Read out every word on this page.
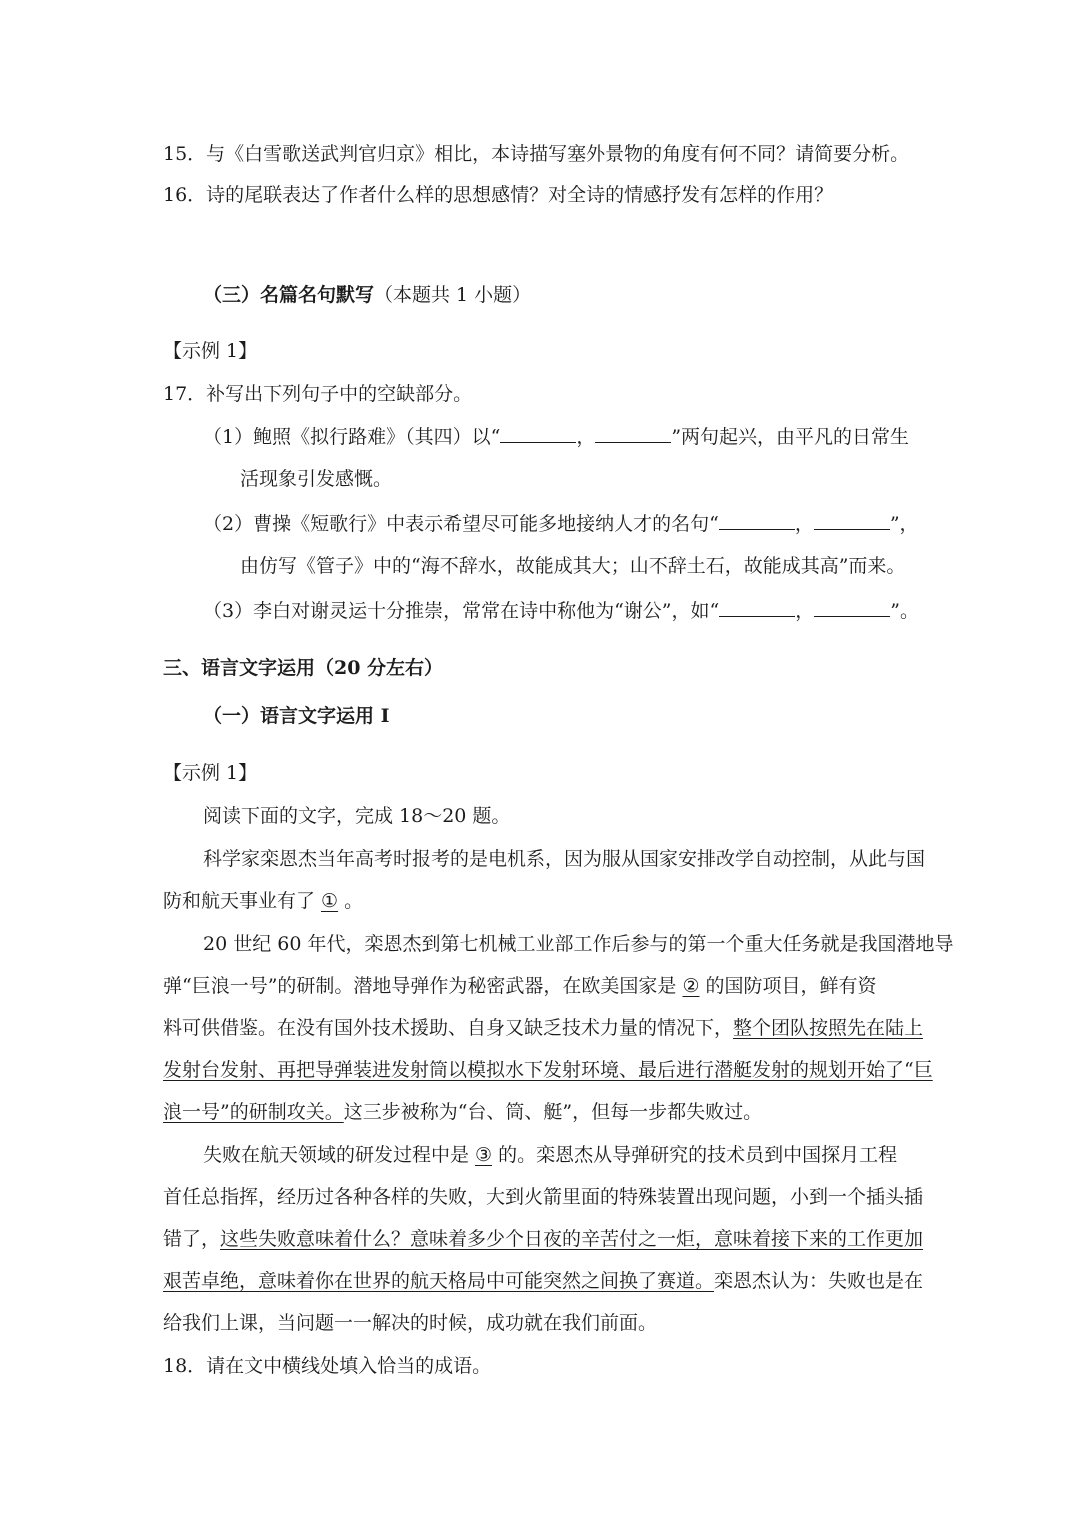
15．与《白雪歌送武判官归京》相比，本诗描写塞外景物的角度有何不同？请简要分析。
16．诗的尾联表达了作者什么样的思想感情？对全诗的情感抒发有怎样的作用？
（三）名篇名句默写（本题共 1 小题）
【示例 1】
17．补写出下列句子中的空缺部分。
（1）鲍照《拟行路难》（其四）以“	，	”两句起兴，由平凡的日常生
活现象引发感慨。
（2）曹操《短歌行》中表示希望尽可能多地接纳人才的名句“	，	”，
由仿写《管子》中的“海不辞水，故能成其大；山不辞土石，故能成其高”而来。
（3）李白对谢灵运十分推崇，常常在诗中称他为“谢公”，如“	，	”。
三、语言文字运用（20 分左右）
（一）语言文字运用 I
【示例 1】
阅读下面的文字，完成 18～20 题。
科学家栾恩杰当年高考时报考的是电机系，因为服从国家安排改学自动控制，从此与国
防和航天事业有了 ① 。
20 世纪 60 年代，栾恩杰到第七机械工业部工作后参与的第一个重大任务就是我国潜地导
弹“巨浪一号”的研制。潜地导弹作为秘密武器，在欧美国家是 ② 的国防项目，鲜有资
料可供借鉴。在没有国外技术援助、自身又缺乏技术力量的情况下，整个团队按照先在陆上
发射台发射、再把导弹装进发射筒以模拟水下发射环境、最后进行潜艇发射的规划开始了“巨
浪一号”的研制攻关。这三步被称为“台、筒、艇”，但每一步都失败过。
失败在航天领域的研发过程中是 ③ 的。栾恩杰从导弹研究的技术员到中国探月工程
首任总指挥，经历过各种各样的失败，大到火箭里面的特殊装置出现问题，小到一个插头插
错了，这些失败意味着什么？意味着多少个日夜的辛苦付之一炬，意味着接下来的工作更加
艰苦卓绝，意味着你在世界的航天格局中可能突然之间换了赛道。栾恩杰认为：失败也是在
给我们上课，当问题一一解决的时候，成功就在我们前面。
18．请在文中横线处填入恰当的成语。
